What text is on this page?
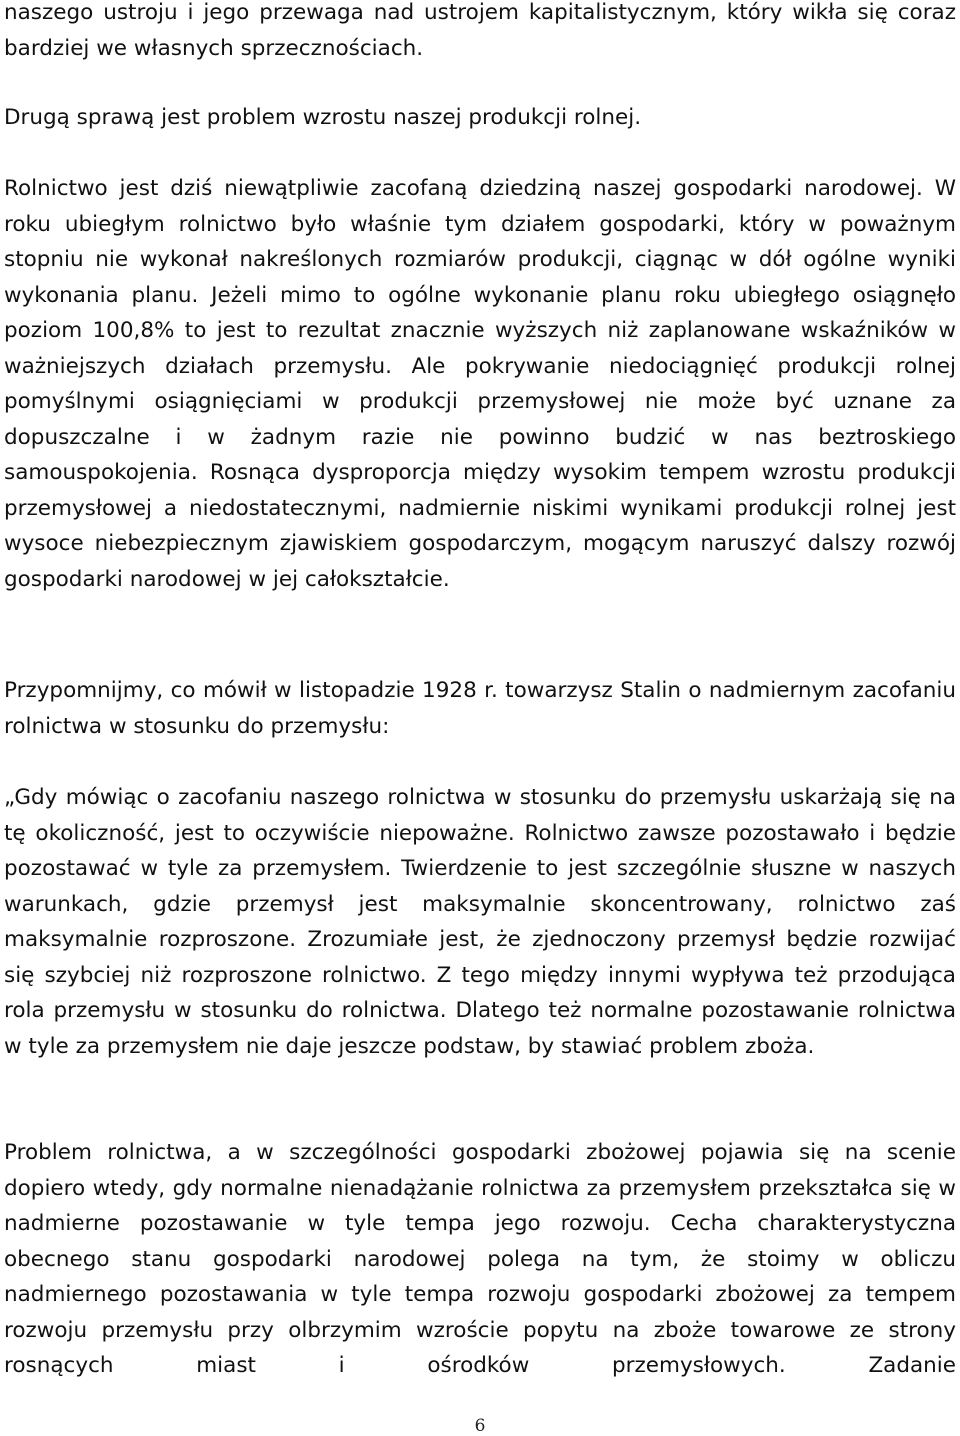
naszego ustroju i jego przewaga nad ustrojem kapitalistycznym, który wikła się coraz bardziej we własnych sprzecznościach.

Drugą sprawą jest problem wzrostu naszej produkcji rolnej.

Rolnictwo jest dziś niewątpliwie zacofaną dziedziną naszej gospodarki narodowej. W roku ubiegłym rolnictwo było właśnie tym działem gospodarki, który w poważnym stopniu nie wykonał nakreślonych rozmiarów produkcji, ciągnąc w dół ogólne wyniki wykonania planu. Jeżeli mimo to ogólne wykonanie planu roku ubiegłego osiągnęło poziom 100,8% to jest to rezultat znacznie wyższych niż zaplanowane wskaźników w ważniejszych działach przemysłu. Ale pokrywanie niedociągnięć produkcji rolnej pomyślnymi osiągnięciami w produkcji przemysłowej nie może być uznane za dopuszczalne i w żadnym razie nie powinno budzić w nas beztroskiego samouspokojenia. Rosnąca dysproporcja między wysokim tempem wzrostu produkcji przemysłowej a niedostatecznymi, nadmiernie niskimi wynikami produkcji rolnej jest wysoce niebezpiecznym zjawiskiem gospodarczym, mogącym naruszyć dalszy rozwój gospodarki narodowej w jej całokształcie.

Przypomnijmy, co mówił w listopadzie 1928 r. towarzysz Stalin o nadmiernym zacofaniu rolnictwa w stosunku do przemysłu:

„Gdy mówiąc o zacofaniu naszego rolnictwa w stosunku do przemysłu uskarżają się na tę okoliczność, jest to oczywiście niepoważne. Rolnictwo zawsze pozostawało i będzie pozostawać w tyle za przemysłem. Twierdzenie to jest szczególnie słuszne w naszych warunkach, gdzie przemysł jest maksymalnie skoncentrowany, rolnictwo zaś maksymalnie rozproszone. Zrozumiałe jest, że zjednoczony przemysł będzie rozwijać się szybciej niż rozproszone rolnictwo. Z tego między innymi wypływa też przodująca rola przemysłu w stosunku do rolnictwa. Dlatego też normalne pozostawanie rolnictwa w tyle za przemysłem nie daje jeszcze podstaw, by stawiać problem zboża.

Problem rolnictwa, a w szczególności gospodarki zbożowej pojawia się na scenie dopiero wtedy, gdy normalne nienadążanie rolnictwa za przemysłem przekształca się w nadmierne pozostawanie w tyle tempa jego rozwoju. Cecha charakterystyczna obecnego stanu gospodarki narodowej polega na tym, że stoimy w obliczu nadmiernego pozostawania w tyle tempa rozwoju gospodarki zbożowej za tempem rozwoju przemysłu przy olbrzymim wzroście popytu na zboże towarowe ze strony rosnących miast i ośrodków przemysłowych. Zadanie

6
